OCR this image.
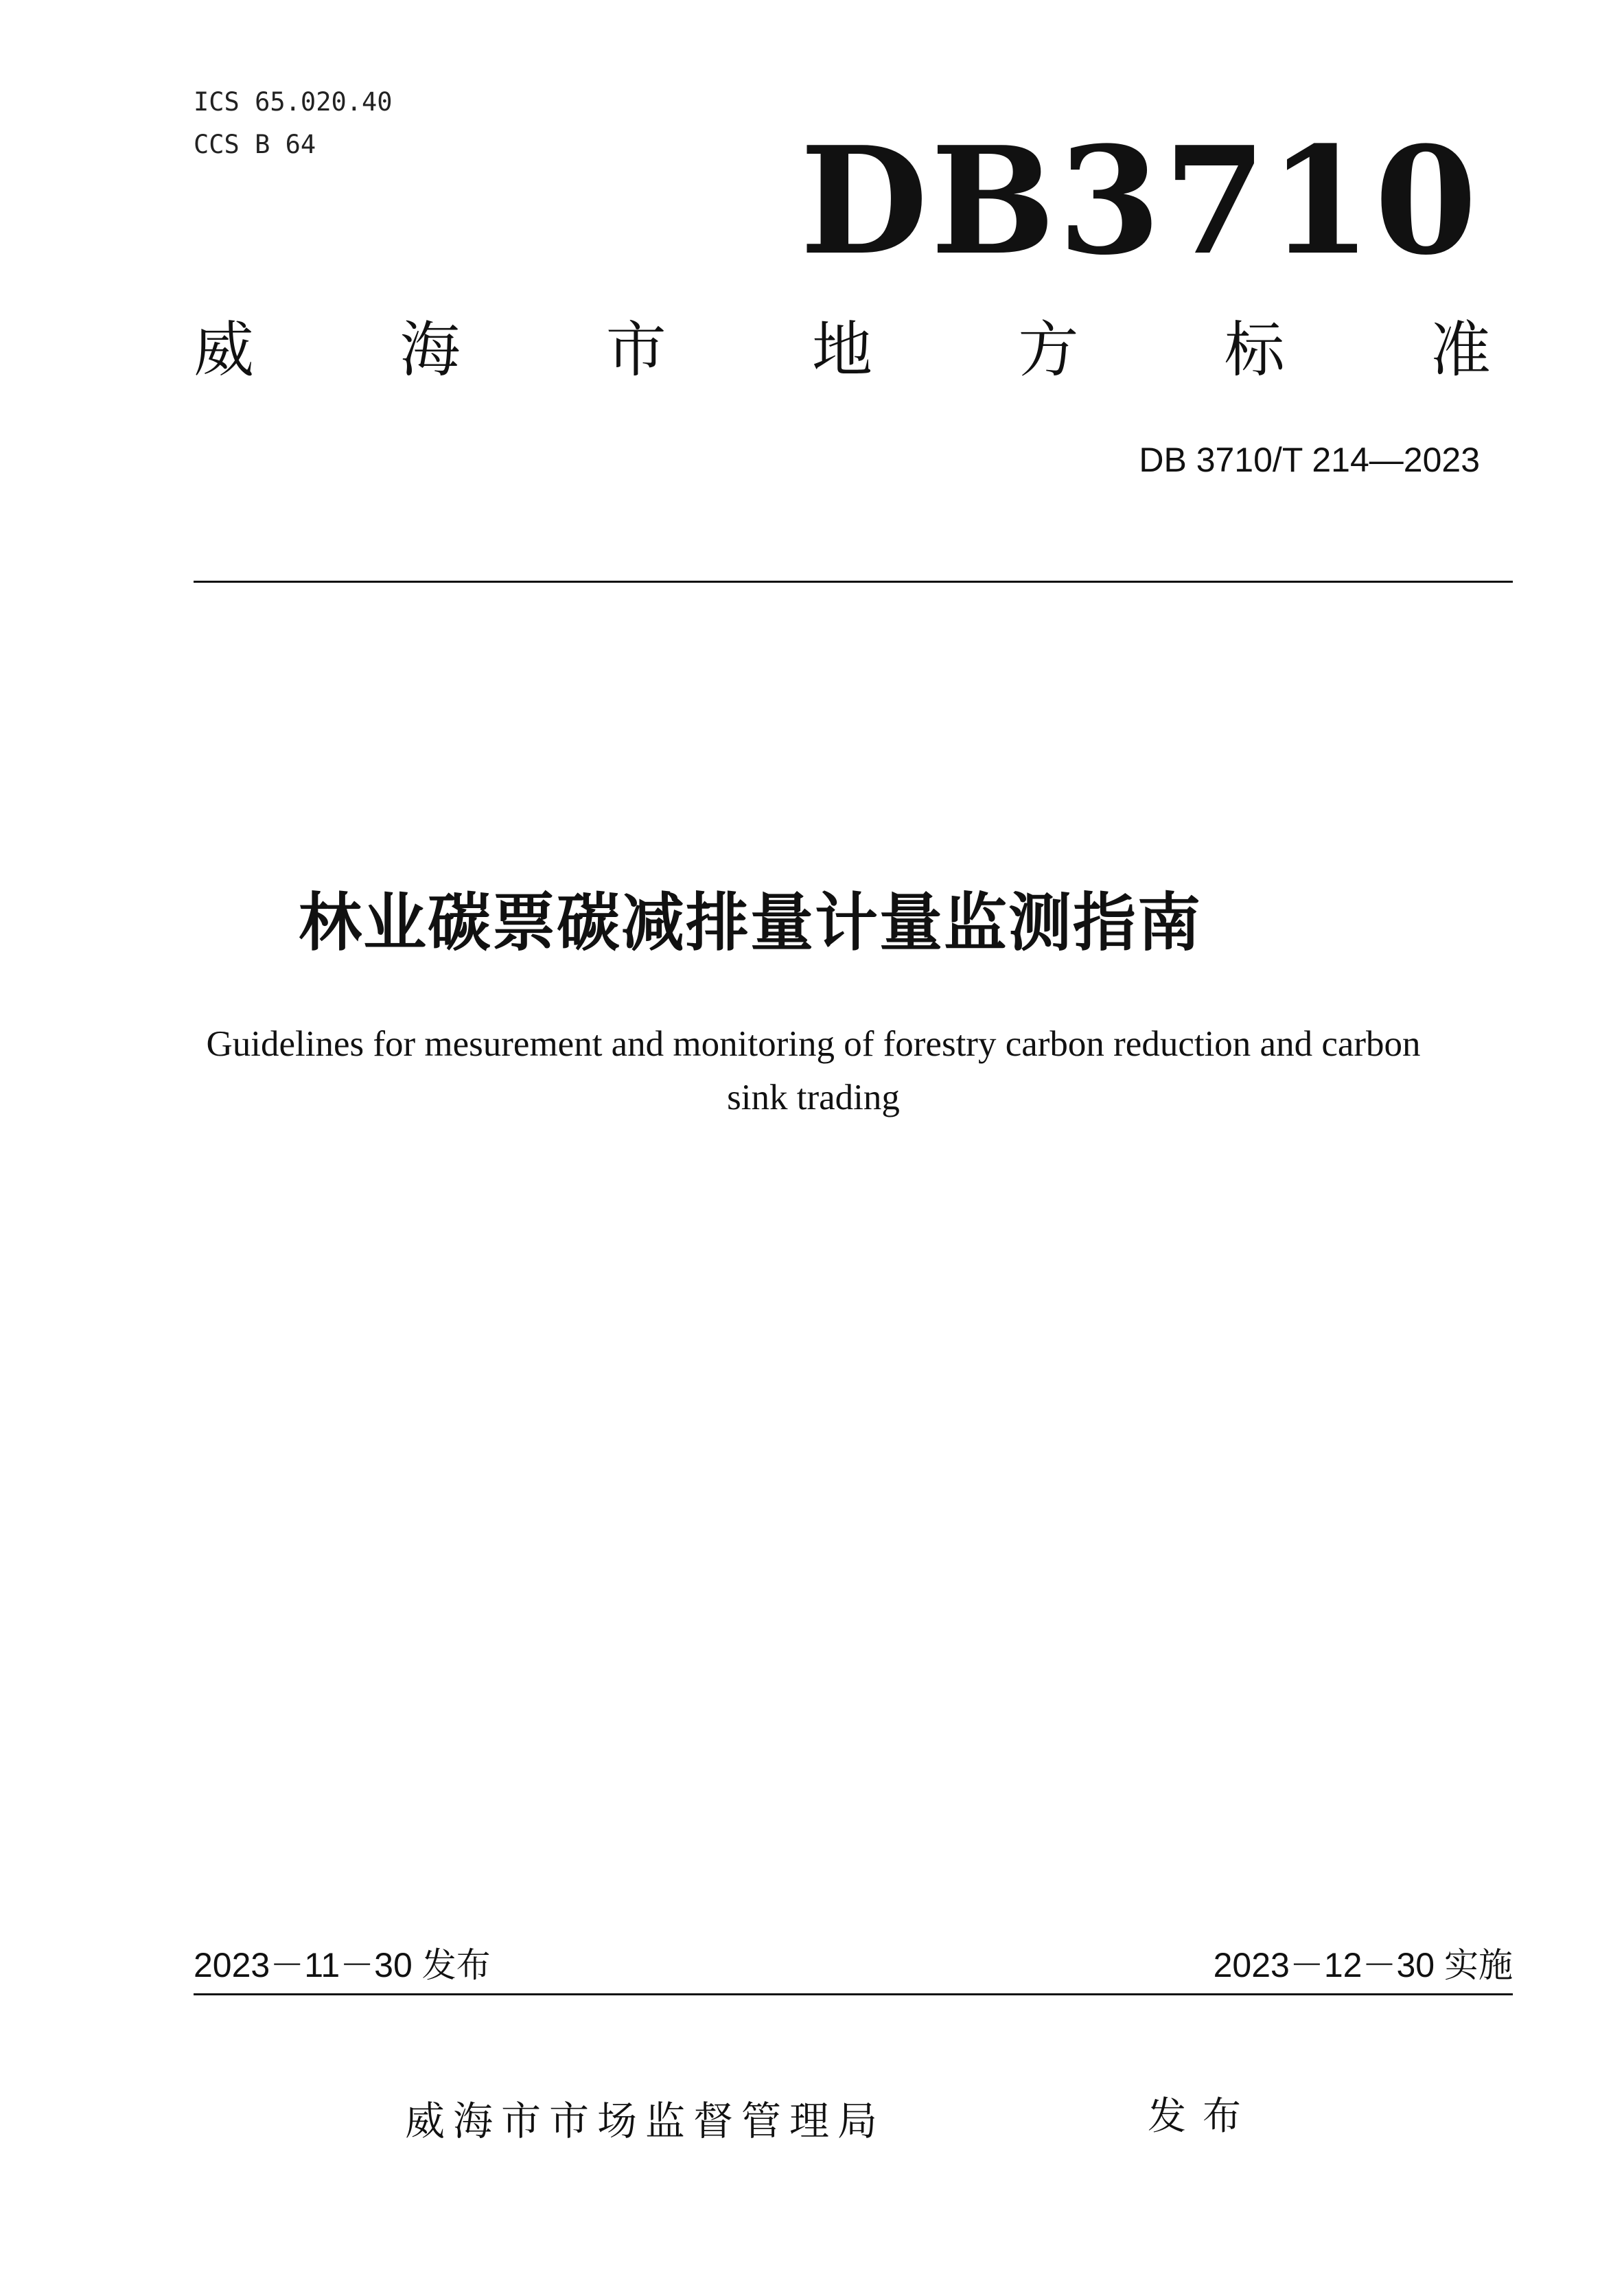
ICS 65.020.40
CCS B 64	DB3710
威 海 市 地 方 标 准
DB 3710/T 214—2023
林业碳票碳减排量计量监测指南
Guidelines for mesurement and monitoring of forestry carbon reduction and carbon
sink trading
2023－11－30 发布	2023－12－30 实施
威海市市场监督管理局	发布
